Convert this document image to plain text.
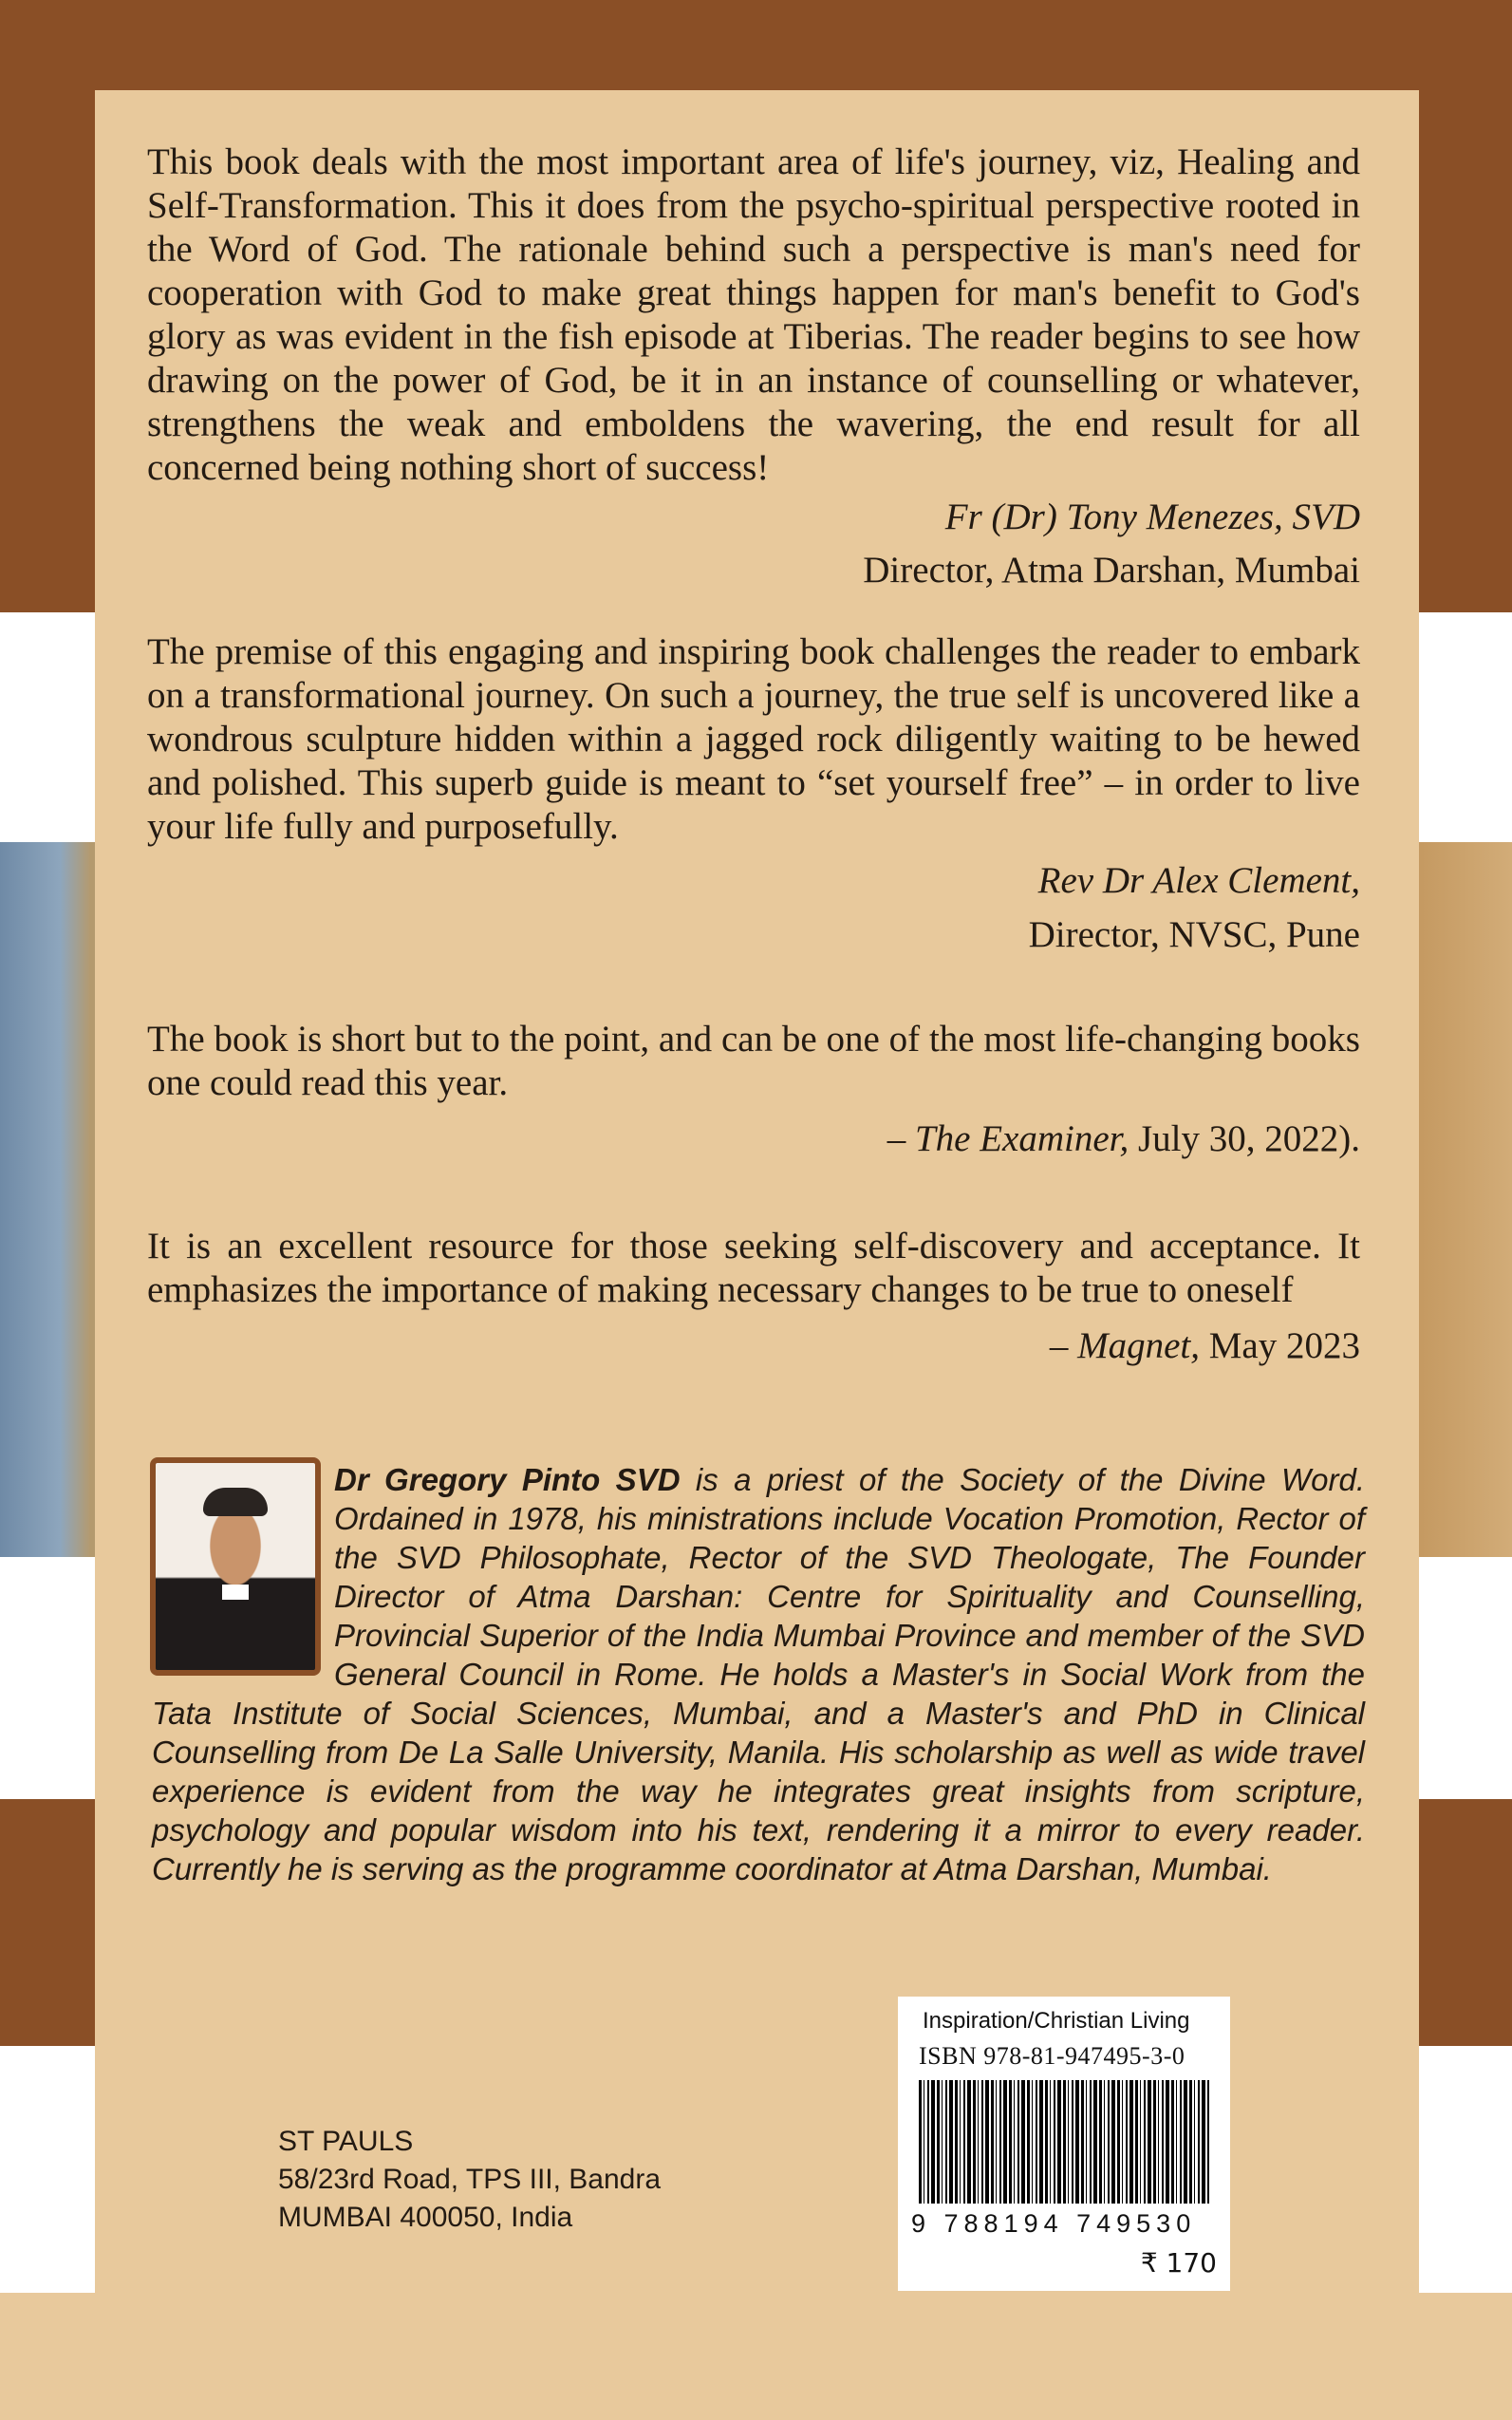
This book deals with the most important area of life's journey, viz, Healing and Self-Transformation. This it does from the psycho-spiritual perspective rooted in the Word of God. The rationale behind such a perspective is man's need for cooperation with God to make great things happen for man's benefit to God's glory as was evident in the fish episode at Tiberias. The reader begins to see how drawing on the power of God, be it in an instance of counselling or whatever, strengthens the weak and emboldens the wavering, the end result for all concerned being nothing short of success!
Fr (Dr) Tony Menezes, SVD
Director, Atma Darshan, Mumbai
The premise of this engaging and inspiring book challenges the reader to embark on a transformational journey. On such a journey, the true self is uncovered like a wondrous sculpture hidden within a jagged rock diligently waiting to be hewed and polished. This superb guide is meant to “set yourself free” – in order to live your life fully and purposefully.
Rev Dr Alex Clement,
Director, NVSC, Pune
The book is short but to the point, and can be one of the most life-changing books one could read this year.
– The Examiner, July 30, 2022).
It is an excellent resource for those seeking self-discovery and acceptance. It emphasizes the importance of making necessary changes to be true to oneself
– Magnet, May 2023
Dr Gregory Pinto SVD is a priest of the Society of the Divine Word. Ordained in 1978, his ministrations include Vocation Promotion, Rector of the SVD Philosophate, Rector of the SVD Theologate, The Founder Director of Atma Darshan: Centre for Spirituality and Counselling, Provincial Superior of the India Mumbai Province and member of the SVD General Council in Rome. He holds a Master's in Social Work from the Tata Institute of Social Sciences, Mumbai, and a Master's and PhD in Clinical Counselling from De La Salle University, Manila. His scholarship as well as wide travel experience is evident from the way he integrates great insights from scripture, psychology and popular wisdom into his text, rendering it a mirror to every reader. Currently he is serving as the programme coordinator at Atma Darshan, Mumbai.
ST PAULS
58/23rd Road, TPS III, Bandra
MUMBAI 400050, India
Inspiration/Christian Living
ISBN 978-81-947495-3-0
9 788194 749530
₹ 170
